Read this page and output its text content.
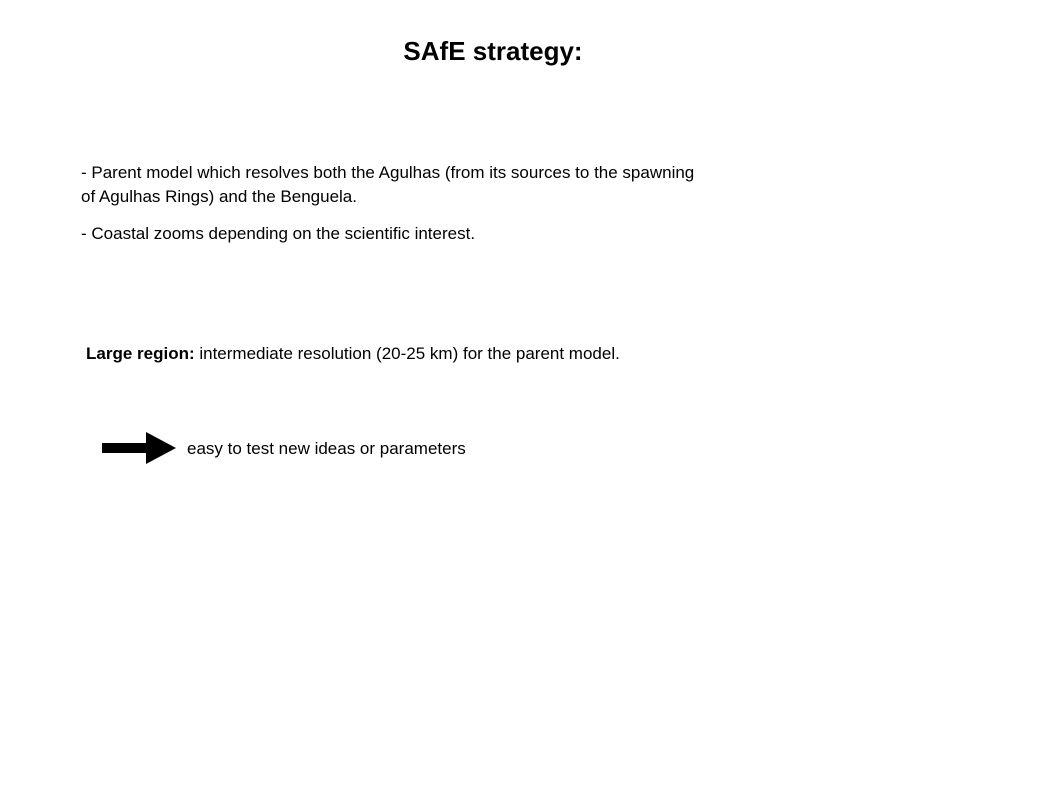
SAfE strategy:
- Parent model which resolves both the Agulhas (from its sources to the spawning
of Agulhas Rings) and the Benguela.
- Coastal zooms depending on the scientific interest.
Large region: intermediate resolution (20-25 km) for the parent model.
easy to test new ideas or parameters
